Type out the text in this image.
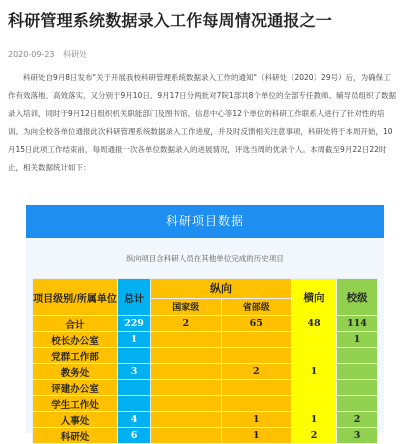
科研管理系统数据录入工作每周情况通报之一
2020-09-23 科研处
科研处自9月8日发布"关于开展我校科研管理系统数据录入工作的通知"（科研处〔2020〕29号）后，为确保工作有效落地、高效落实，又分别于9月10日、9月17日分两批对7院1部共8个单位的全部专任教师、辅导员组织了数据录入培训，同时于9月12日组织机关职能部门及图书馆、信息中心等12个单位的科研工作联系人进行了针对性的培训。为向全校各单位通报此次科研管理系统数据录入工作进度，并及时反馈相关注意事项，科研处将于本周开始，10月15日此项工作结束前，每周通报一次各单位数据录入的进展情况，评选当周的优录个人。本周截至9月22日22时止，相关数据统计如下：
科研项目数据
纵向项目含科研人员在其他单位完成的历史项目
项目级别/所属单位	总计	纵向		横向	校级
		国家级	省部级		
合计	229	2	65	48	114
校长办公室	1				1
党群工作部					
教务处	3		2	1	
评建办公室					
学生工作处					
人事处	4		1	1	2
科研处	6		1	2	3
